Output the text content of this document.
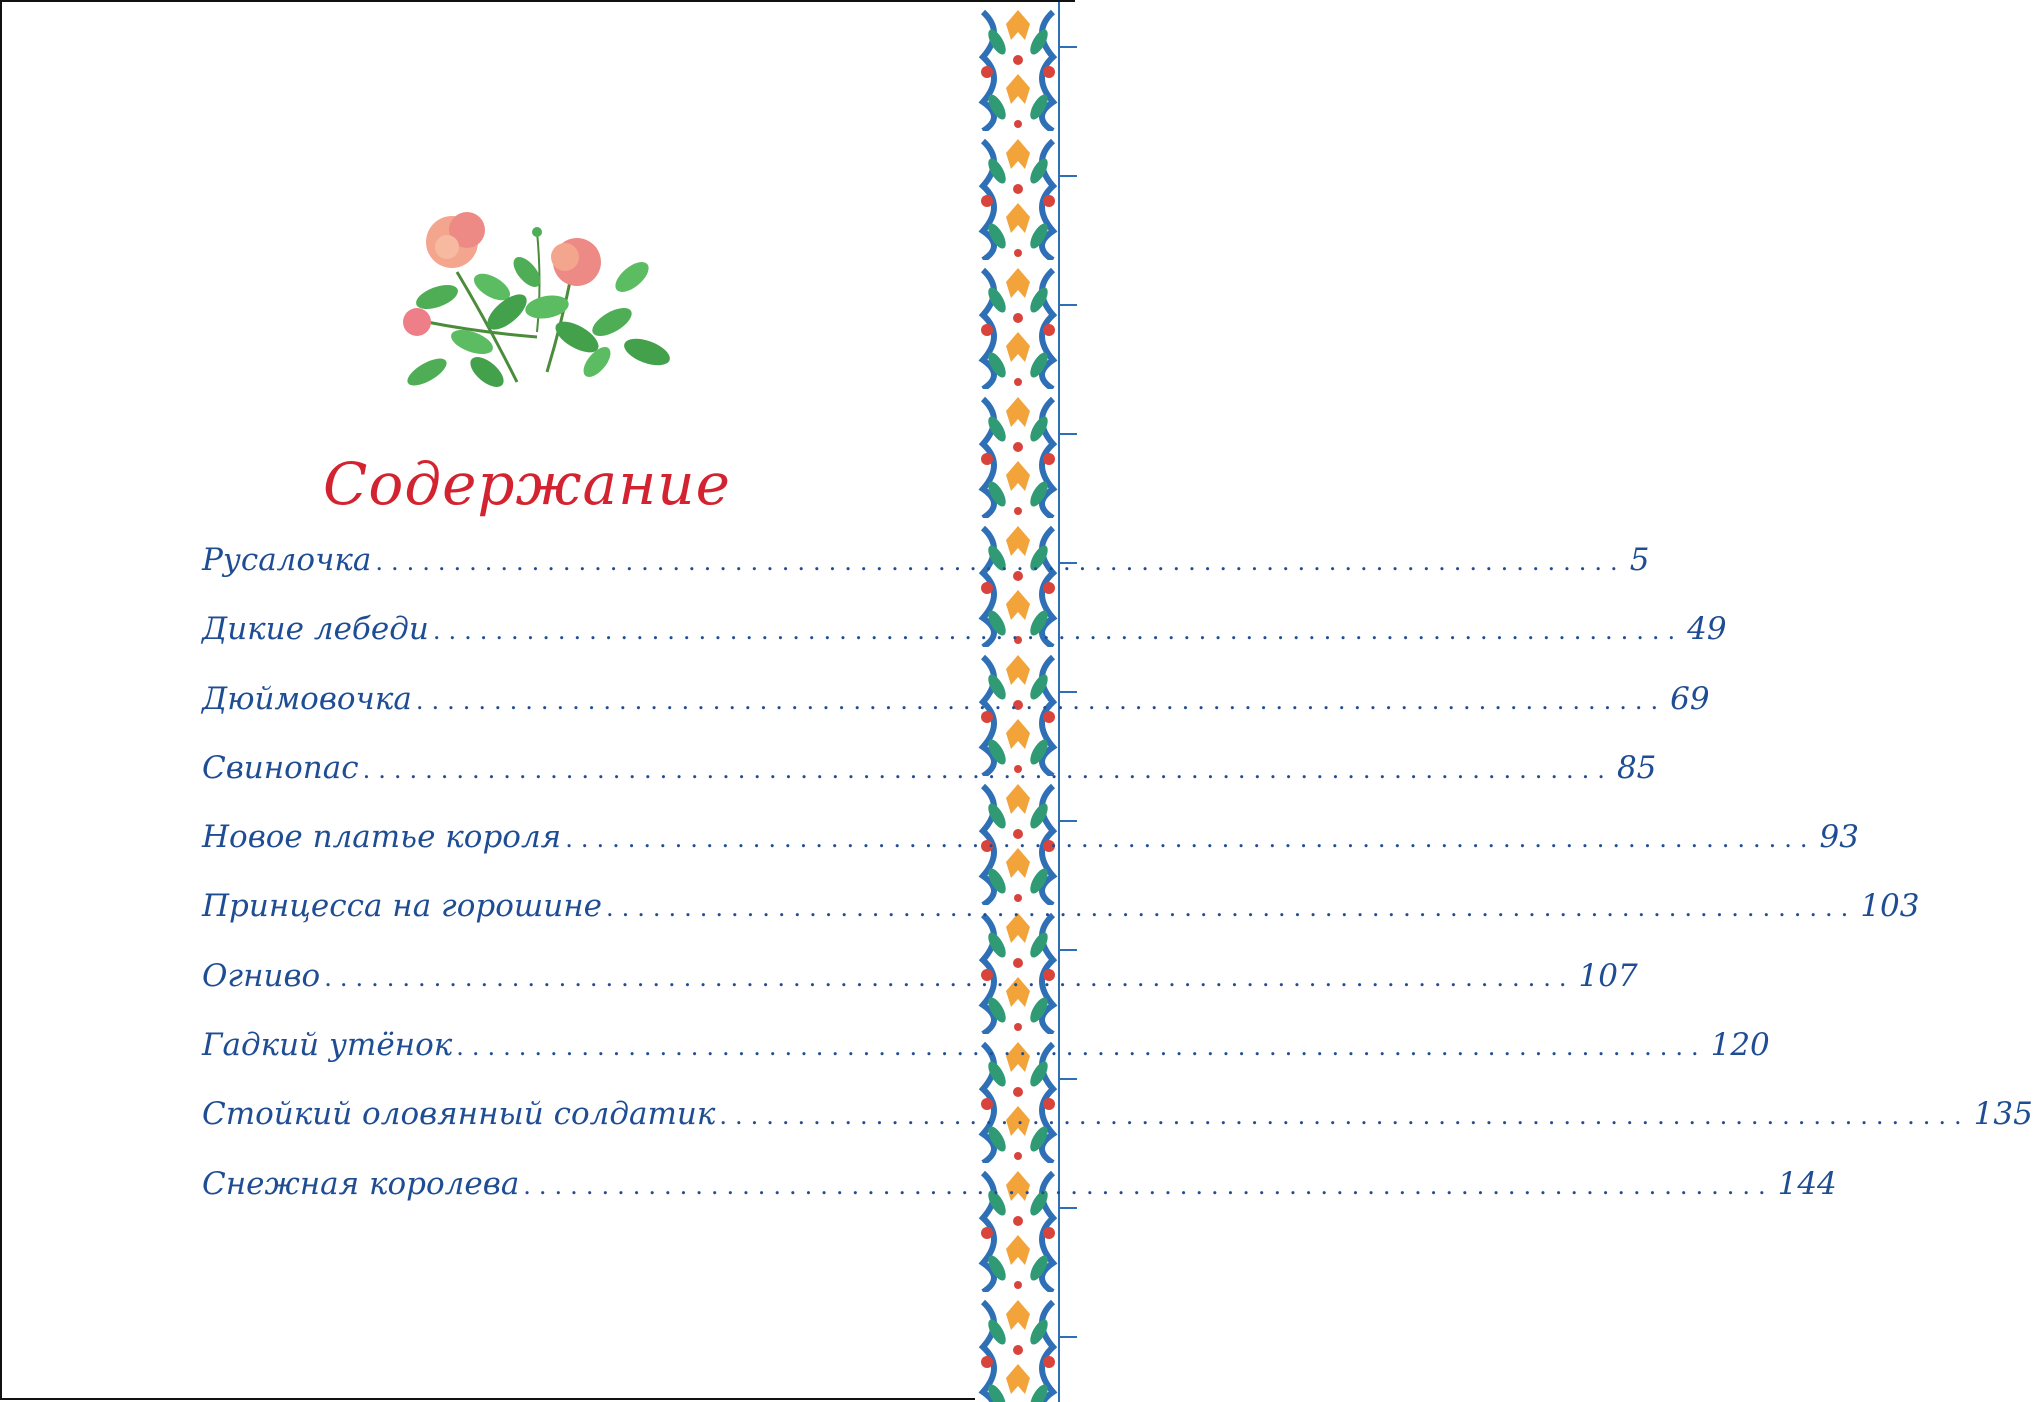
Содержание
Русалочка ................................................................................ 5
Дикие лебеди ................................................................................ 49
Дюймовочка ................................................................................ 69
Свинопас ................................................................................ 85
Новое платье короля ................................................................................ 93
Принцесса на горошине ................................................................................ 103
Огниво ................................................................................ 107
Гадкий утёнок ................................................................................ 120
Стойкий оловянный солдатик ................................................................................ 135
Снежная королева ................................................................................ 144
